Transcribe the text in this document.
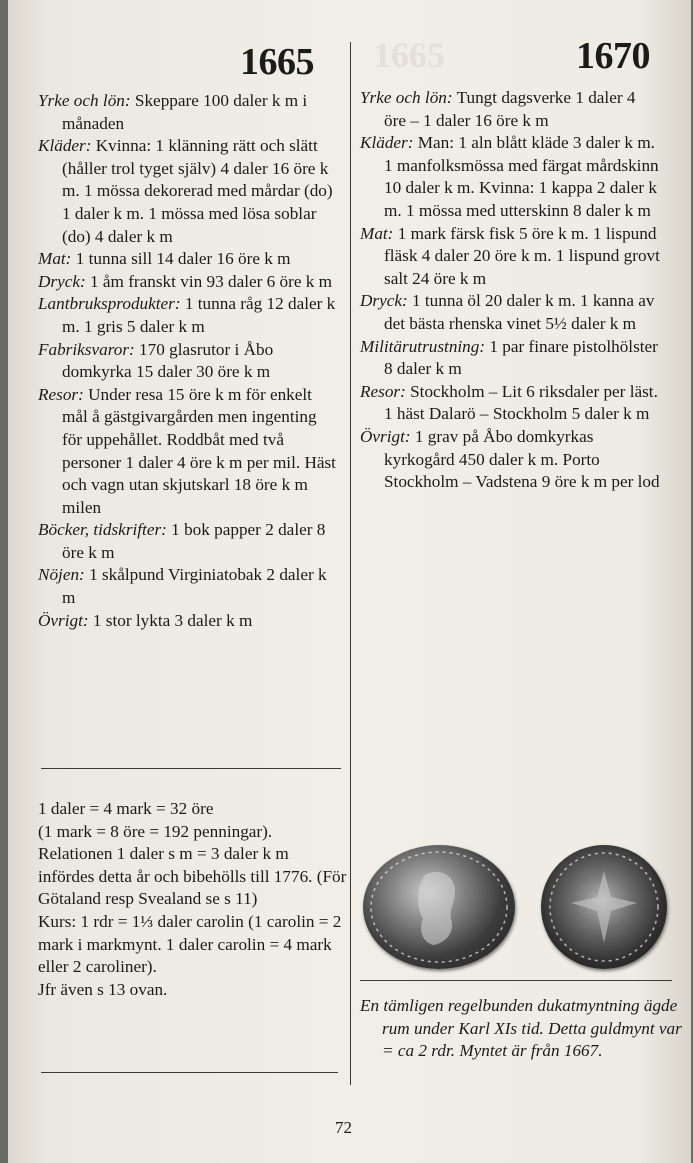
1665
1665	1670
Yrke och lön: Skeppare 100 daler k m i månaden
Kläder: Kvinna: 1 klänning rätt och slätt (håller trol tyget själv) 4 daler 16 öre k m. 1 mössa dekorerad med mårdar (do) 1 daler k m. 1 mössa med lösa soblar (do) 4 daler k m
Mat: 1 tunna sill 14 daler 16 öre k m
Dryck: 1 åm franskt vin 93 daler 6 öre k m
Lantbruksprodukter: 1 tunna råg 12 daler k m. 1 gris 5 daler k m
Fabriksvaror: 170 glasrutor i Åbo domkyrka 15 daler 30 öre k m
Resor: Under resa 15 öre k m för enkelt mål å gästgivargården men ingenting för uppehållet. Roddbåt med två personer 1 daler 4 öre k m per mil. Häst och vagn utan skjutskarl 18 öre k m milen
Böcker, tidskrifter: 1 bok papper 2 daler 8 öre k m
Nöjen: 1 skålpund Virginiatobak 2 daler k m
Övrigt: 1 stor lykta 3 daler k m

1 daler = 4 mark = 32 öre

(1 mark = 8 öre = 192 penningar).

Relationen 1 daler s m = 3 daler k m infördes detta år och bibehölls till 1776. (För Götaland resp Svealand se s 11)

Kurs: 1 rdr = 1⅓ daler carolin (1 carolin = 2 mark i markmynt. 1 daler carolin = 4 mark eller 2 caroliner).

Jfr även s 13 ovan.

Yrke och lön: Tungt dagsverke 1 daler 4 öre – 1 daler 16 öre k m
Kläder: Man: 1 aln blått kläde 3 daler k m. 1 manfolksmössa med färgat mårdskinn 10 daler k m. Kvinna: 1 kappa 2 daler k m. 1 mössa med utterskinn 8 daler k m
Mat: 1 mark färsk fisk 5 öre k m. 1 lispund fläsk 4 daler 20 öre k m. 1 lispund grovt salt 24 öre k m
Dryck: 1 tunna öl 20 daler k m. 1 kanna av det bästa rhenska vinet 5½ daler k m
Militärutrustning: 1 par finare pistolhölster 8 daler k m
Resor: Stockholm – Lit 6 riksdaler per läst. 1 häst Dalarö – Stockholm 5 daler k m
Övrigt: 1 grav på Åbo domkyrkas kyrkogård 450 daler k m. Porto Stockholm – Vadstena 9 öre k m per lod

En tämligen regelbunden dukatmyntning ägde rum under Karl XIs tid. Detta guldmynt var = ca 2 rdr. Myntet är från 1667.

72
